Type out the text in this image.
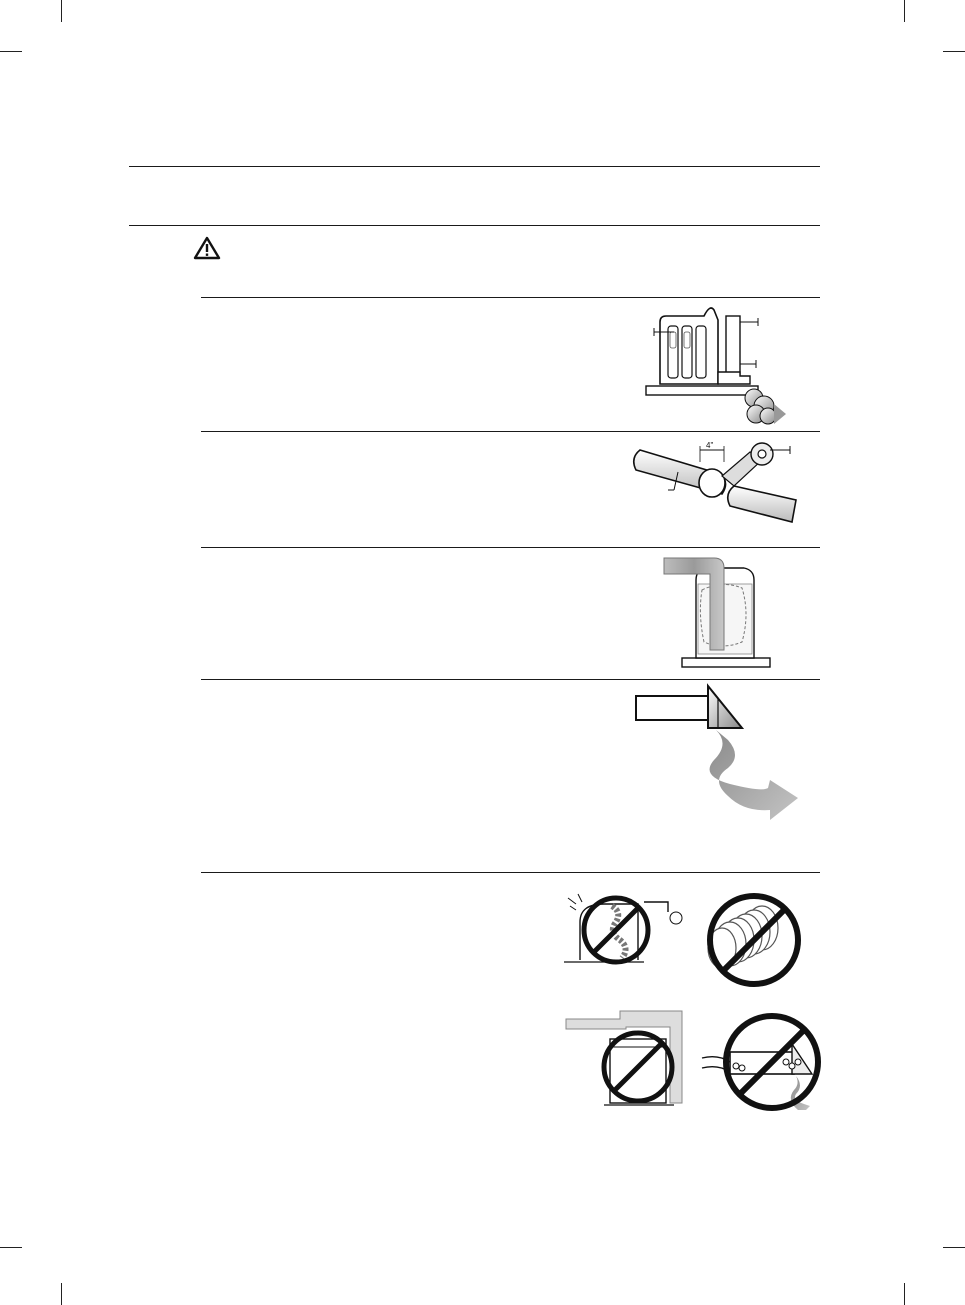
4"
